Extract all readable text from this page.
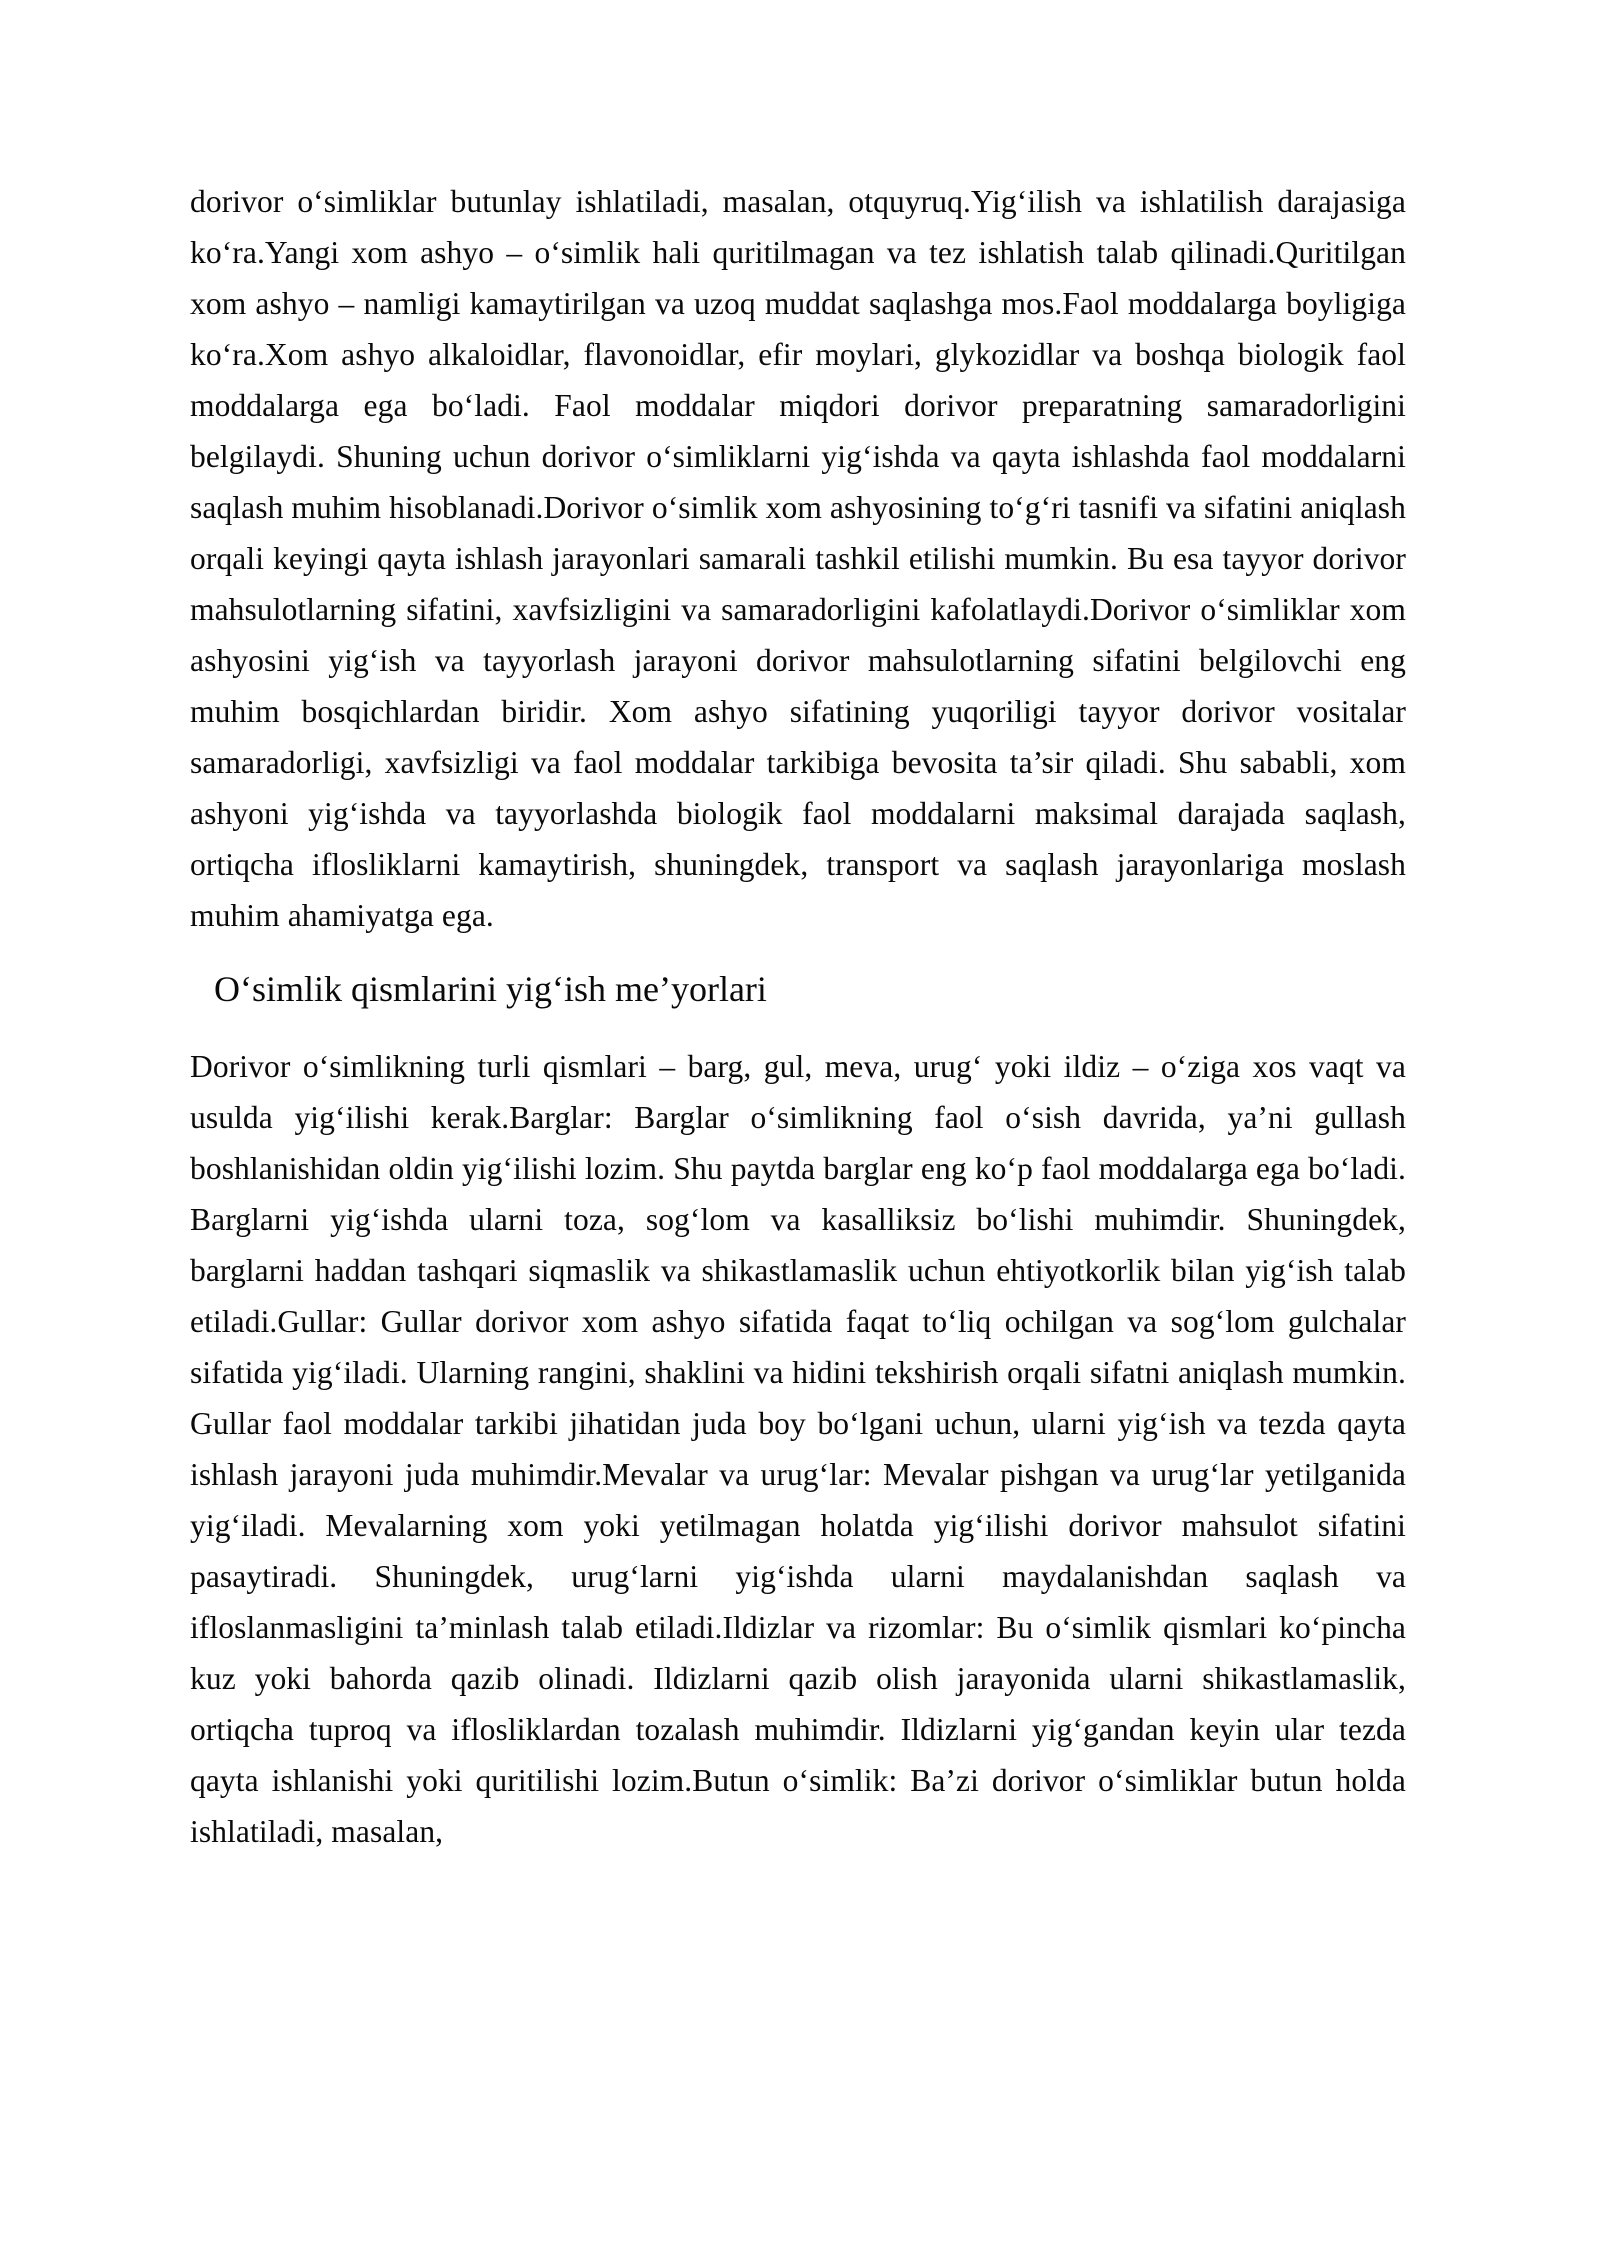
dorivor o‘simliklar butunlay ishlatiladi, masalan, otquyruq.Yig‘ilish va ishlatilish darajasiga ko‘ra.Yangi xom ashyo – o‘simlik hali quritilmagan va tez ishlatish talab qilinadi.Quritilgan xom ashyo – namligi kamaytirilgan va uzoq muddat saqlashga mos.Faol moddalarga boyligiga ko‘ra.Xom ashyo alkaloidlar, flavonoidlar, efir moylari, glykozidlar va boshqa biologik faol moddalarga ega bo‘ladi. Faol moddalar miqdori dorivor preparatning samaradorligini belgilaydi. Shuning uchun dorivor o‘simliklarni yig‘ishda va qayta ishlashda faol moddalarni saqlash muhim hisoblanadi.Dorivor o‘simlik xom ashyosining to‘g‘ri tasnifi va sifatini aniqlash orqali keyingi qayta ishlash jarayonlari samarali tashkil etilishi mumkin. Bu esa tayyor dorivor mahsulotlarning sifatini, xavfsizligini va samaradorligini kafolatlaydi.Dorivor o‘simliklar xom ashyosini yig‘ish va tayyorlash jarayoni dorivor mahsulotlarning sifatini belgilovchi eng muhim bosqichlardan biridir. Xom ashyo sifatining yuqoriligi tayyor dorivor vositalar samaradorligi, xavfsizligi va faol moddalar tarkibiga bevosita ta’sir qiladi. Shu sababli, xom ashyoni yig‘ishda va tayyorlashda biologik faol moddalarni maksimal darajada saqlash, ortiqcha iflosliklarni kamaytirish, shuningdek, transport va saqlash jarayonlariga moslash muhim ahamiyatga ega.

O‘simlik qismlarini yig‘ish me’yorlari

Dorivor o‘simlikning turli qismlari – barg, gul, meva, urug‘ yoki ildiz – o‘ziga xos vaqt va usulda yig‘ilishi kerak.Barglar: Barglar o‘simlikning faol o‘sish davrida, ya’ni gullash boshlanishidan oldin yig‘ilishi lozim. Shu paytda barglar eng ko‘p faol moddalarga ega bo‘ladi. Barglarni yig‘ishda ularni toza, sog‘lom va kasalliksiz bo‘lishi muhimdir. Shuningdek, barglarni haddan tashqari siqmaslik va shikastlamaslik uchun ehtiyotkorlik bilan yig‘ish talab etiladi.Gullar: Gullar dorivor xom ashyo sifatida faqat to‘liq ochilgan va sog‘lom gulchalar sifatida yig‘iladi. Ularning rangini, shaklini va hidini tekshirish orqali sifatni aniqlash mumkin. Gullar faol moddalar tarkibi jihatidan juda boy bo‘lgani uchun, ularni yig‘ish va tezda qayta ishlash jarayoni juda muhimdir.Mevalar va urug‘lar: Mevalar pishgan va urug‘lar yetilganida yig‘iladi. Mevalarning xom yoki yetilmagan holatda yig‘ilishi dorivor mahsulot sifatini pasaytiradi. Shuningdek, urug‘larni yig‘ishda ularni maydalanishdan saqlash va ifloslanmasligini ta’minlash talab etiladi.Ildizlar va rizomlar: Bu o‘simlik qismlari ko‘pincha kuz yoki bahorda qazib olinadi. Ildizlarni qazib olish jarayonida ularni shikastlamaslik, ortiqcha tuproq va iflosliklardan tozalash muhimdir. Ildizlarni yig‘gandan keyin ular tezda qayta ishlanishi yoki quritilishi lozim.Butun o‘simlik: Ba’zi dorivor o‘simliklar butun holda ishlatiladi, masalan,
